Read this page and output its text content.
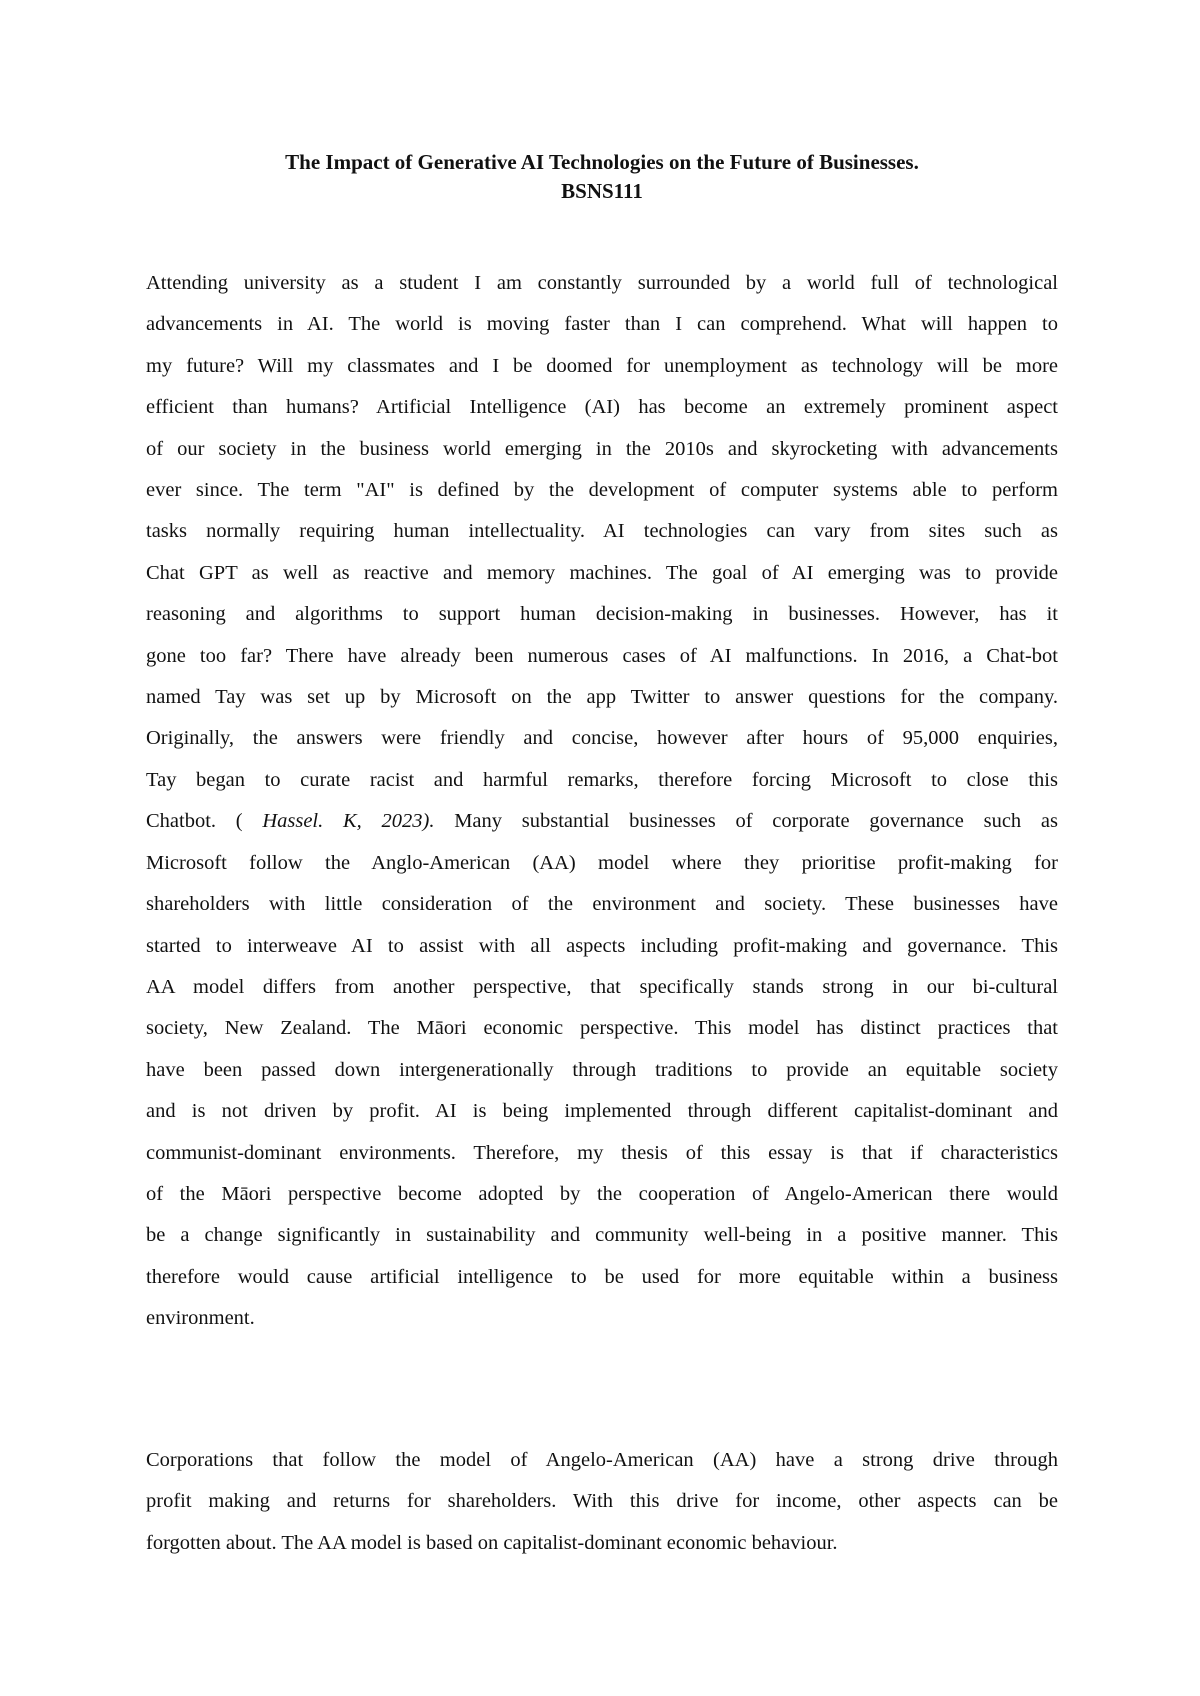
The Impact of Generative AI Technologies on the Future of Businesses.
BSNS111

Attending university as a student I am constantly surrounded by a world full of technological
advancements in AI. The world is moving faster than I can comprehend. What will happen to
my future? Will my classmates and I be doomed for unemployment as technology will be more
efficient than humans? Artificial Intelligence (AI) has become an extremely prominent aspect
of our society in the business world emerging in the 2010s and skyrocketing with advancements
ever since. The term "AI" is defined by the development of computer systems able to perform
tasks normally requiring human intellectuality. AI technologies can vary from sites such as
Chat GPT as well as reactive and memory machines. The goal of AI emerging was to provide
reasoning and algorithms to support human decision-making in businesses. However, has it
gone too far? There have already been numerous cases of AI malfunctions. In 2016, a Chat-bot
named Tay was set up by Microsoft on the app Twitter to answer questions for the company.
Originally, the answers were friendly and concise, however after hours of 95,000 enquiries,
Tay began to curate racist and harmful remarks, therefore forcing Microsoft to close this
Chatbot. ( Hassel. K, 2023). Many substantial businesses of corporate governance such as
Microsoft follow the Anglo-American (AA) model where they prioritise profit-making for
shareholders with little consideration of the environment and society. These businesses have
started to interweave AI to assist with all aspects including profit-making and governance. This
AA model differs from another perspective, that specifically stands strong in our bi-cultural
society, New Zealand. The Māori economic perspective. This model has distinct practices that
have been passed down intergenerationally through traditions to provide an equitable society
and is not driven by profit. AI is being implemented through different capitalist-dominant and
communist-dominant environments. Therefore, my thesis of this essay is that if characteristics
of the Māori perspective become adopted by the cooperation of Angelo-American there would
be a change significantly in sustainability and community well-being in a positive manner. This
therefore would cause artificial intelligence to be used for more equitable within a business
environment.

Corporations that follow the model of Angelo-American (AA) have a strong drive through
profit making and returns for shareholders. With this drive for income, other aspects can be
forgotten about. The AA model is based on capitalist-dominant economic behaviour.
